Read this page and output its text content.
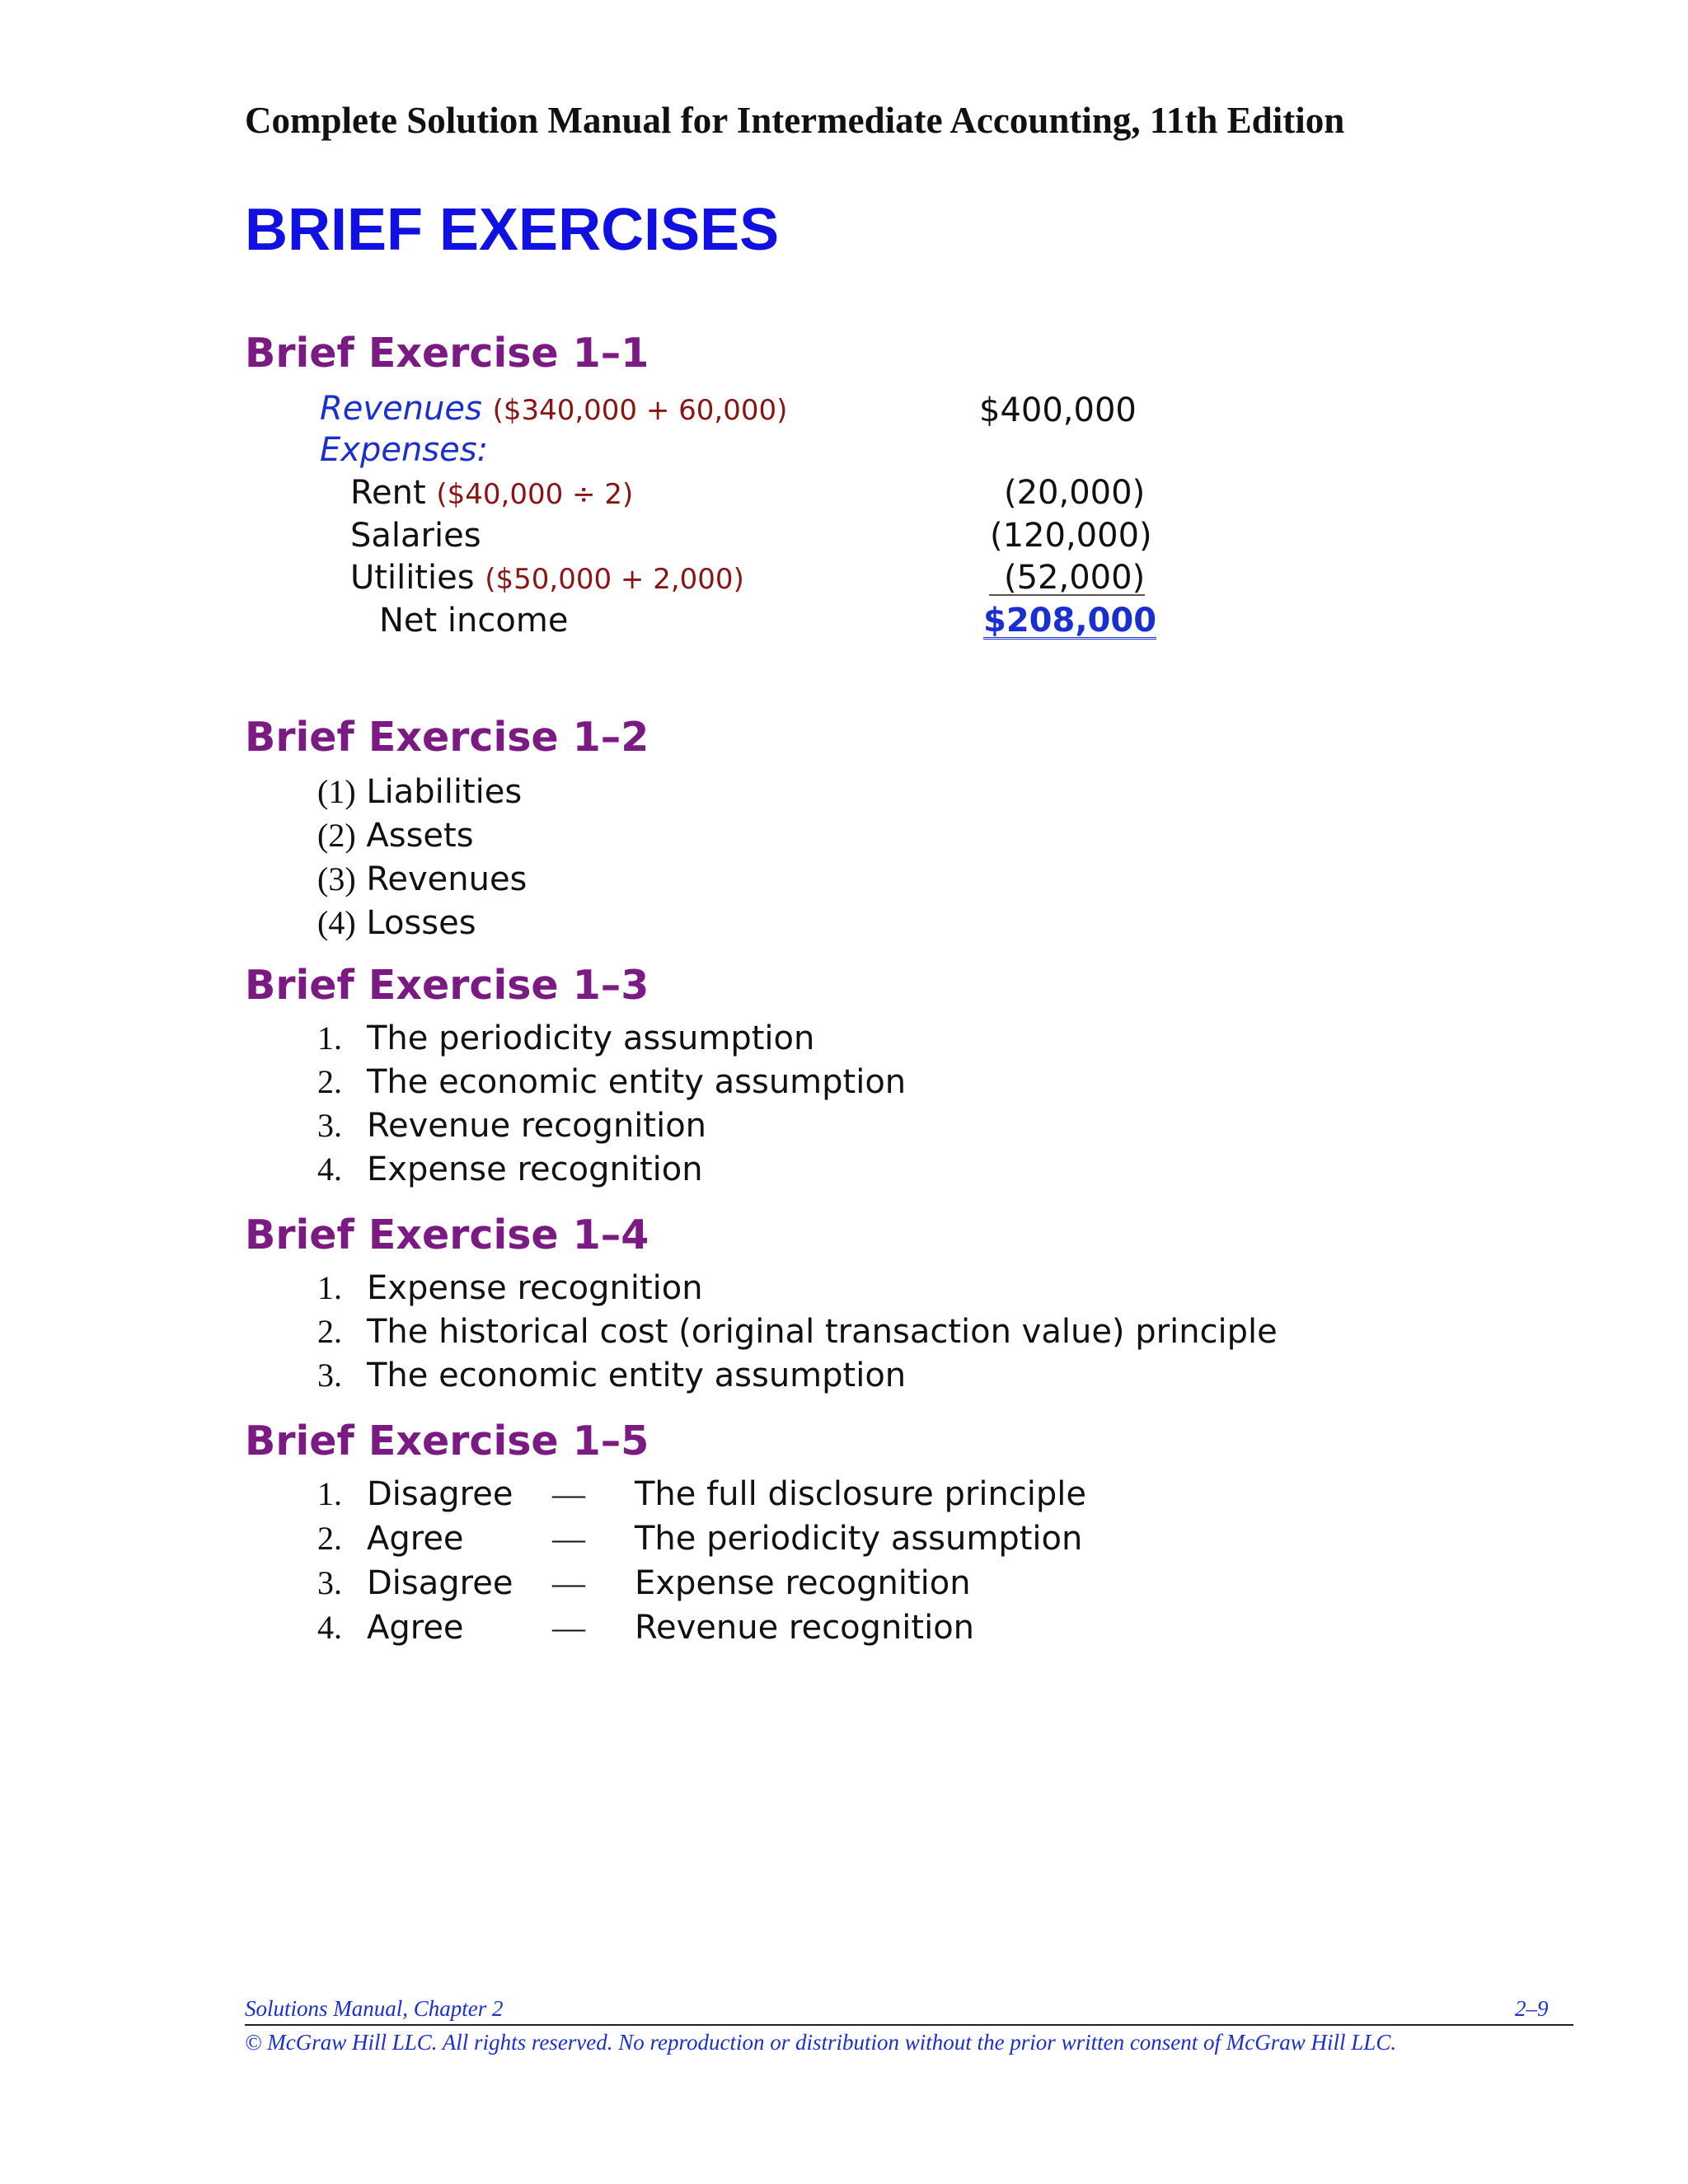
Complete Solution Manual for Intermediate Accounting, 11th Edition
BRIEF EXERCISES
Brief Exercise 1–1
Revenues ($340,000 + 60,000)	$400,000
Expenses:
Rent ($40,000 ÷ 2)	(20,000)
Salaries	(120,000)
Utilities ($50,000 + 2,000)	(52,000)
Net income	$208,000
Brief Exercise 1–2
(1) Liabilities
(2) Assets
(3) Revenues
(4) Losses
Brief Exercise 1–3
1. The periodicity assumption
2. The economic entity assumption
3. Revenue recognition
4. Expense recognition
Brief Exercise 1–4
1. Expense recognition
2. The historical cost (original transaction value) principle
3. The economic entity assumption
Brief Exercise 1–5
1. Disagree — The full disclosure principle
2. Agree	— The periodicity assumption
3. Disagree — Expense recognition
4. Agree	— Revenue recognition
Solutions Manual, Chapter 2	2–9
© McGraw Hill LLC. All rights reserved. No reproduction or distribution without the prior written consent of McGraw Hill LLC.
